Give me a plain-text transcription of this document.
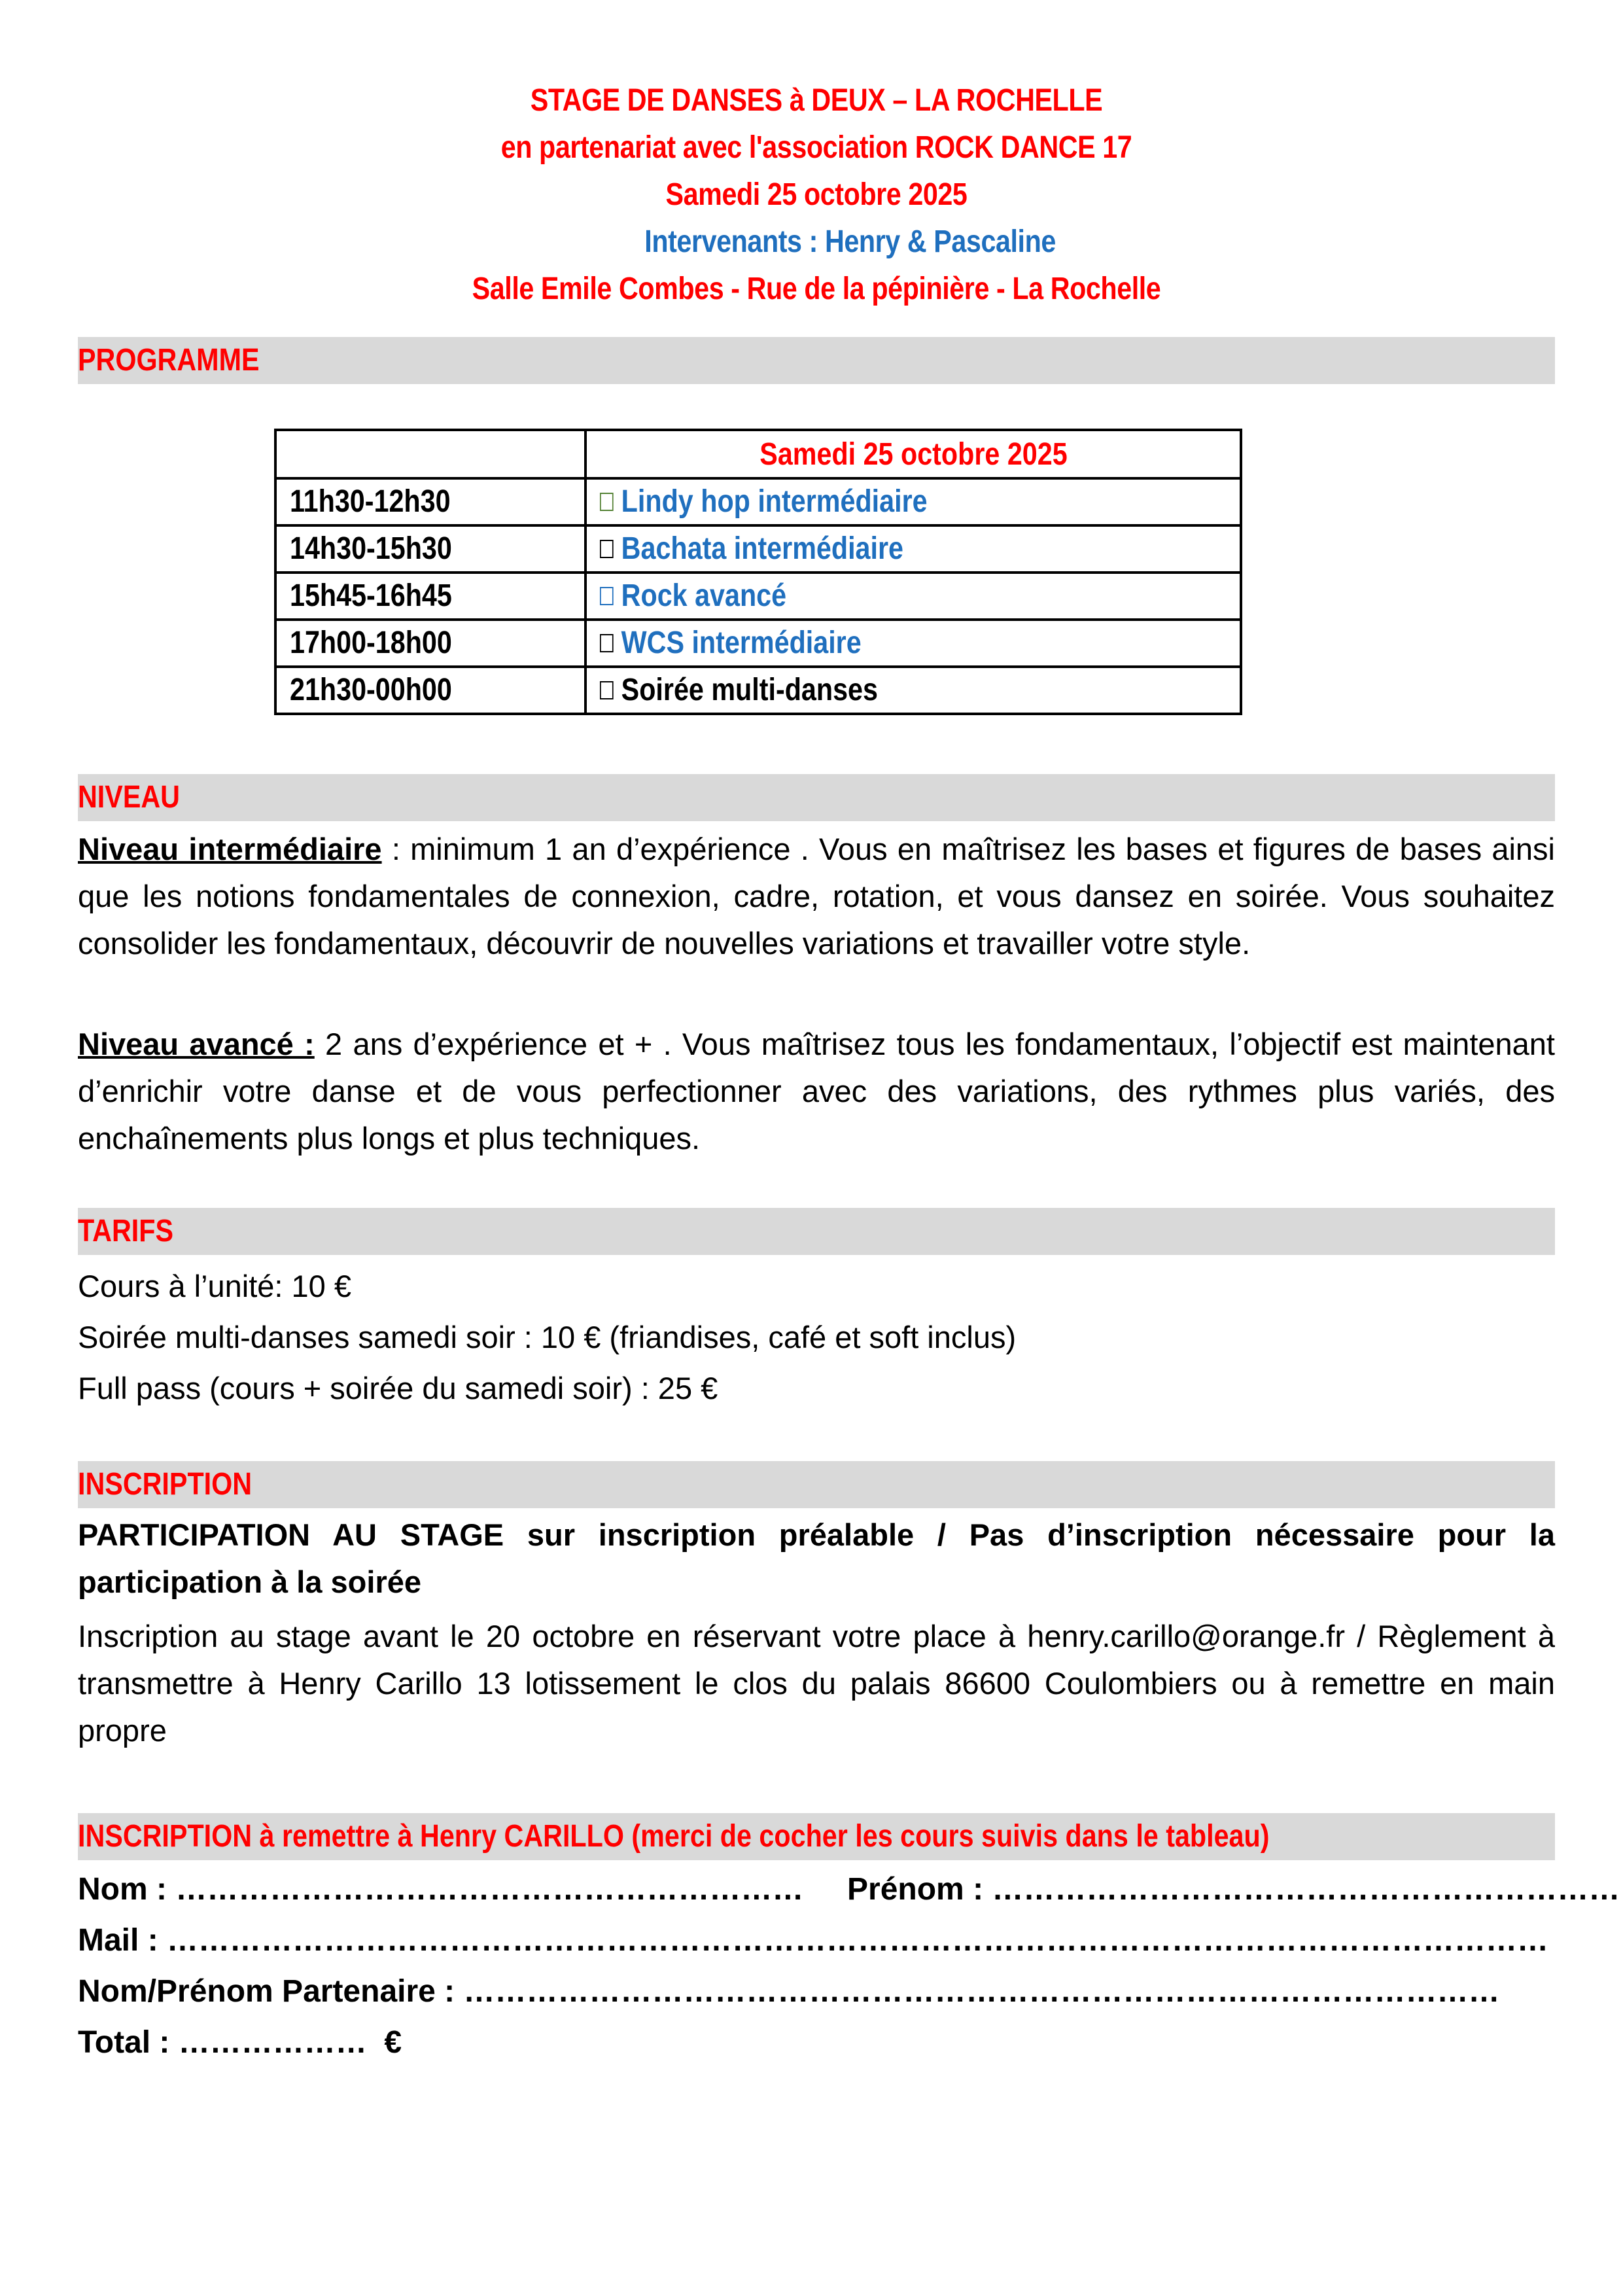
STAGE DE DANSES à DEUX – LA ROCHELLE
en partenariat avec l'association ROCK DANCE 17
Samedi 25 octobre 2025
Intervenants : Henry & Pascaline
Salle Emile Combes - Rue de la pépinière - La Rochelle
PROGRAMME
	Samedi 25 octobre 2025
11h30-12h30	Lindy hop intermédiaire
14h30-15h30	Bachata intermédiaire
15h45-16h45	Rock avancé
17h00-18h00	WCS intermédiaire
21h30-00h00	Soirée multi-danses
NIVEAU
Niveau intermédiaire : minimum 1 an d’expérience . Vous en maîtrisez les bases et figures de bases ainsi que les notions fondamentales de connexion, cadre, rotation, et vous dansez en soirée. Vous souhaitez consolider les fondamentaux, découvrir de nouvelles variations et travailler votre style.
Niveau avancé : 2 ans d’expérience et + . Vous maîtrisez tous les fondamentaux, l’objectif est maintenant d’enrichir votre danse et de vous perfectionner avec des variations, des rythmes plus variés, des enchaînements plus longs et plus techniques.
TARIFS
Cours à l’unité: 10 €
Soirée multi-danses samedi soir : 10 € (friandises, café et soft inclus)
Full pass (cours + soirée du samedi soir) : 25 €
INSCRIPTION
PARTICIPATION AU STAGE sur inscription préalable / Pas d’inscription nécessaire pour la participation à la soirée
Inscription au stage avant le 20 octobre en réservant votre place à henry.carillo@orange.fr / Règlement à transmettre à Henry Carillo 13 lotissement le clos du palais 86600 Coulombiers ou à remettre en main propre
INSCRIPTION à remettre à Henry CARILLO (merci de cocher les cours suivis dans le tableau)
Nom : …………………………………………………… Prénom : ……………………………………………………
Mail : ……………………………………………………………………………………………………………………
Nom/Prénom Partenaire : ………………………………………………………………………………………
Total : ……………… €
